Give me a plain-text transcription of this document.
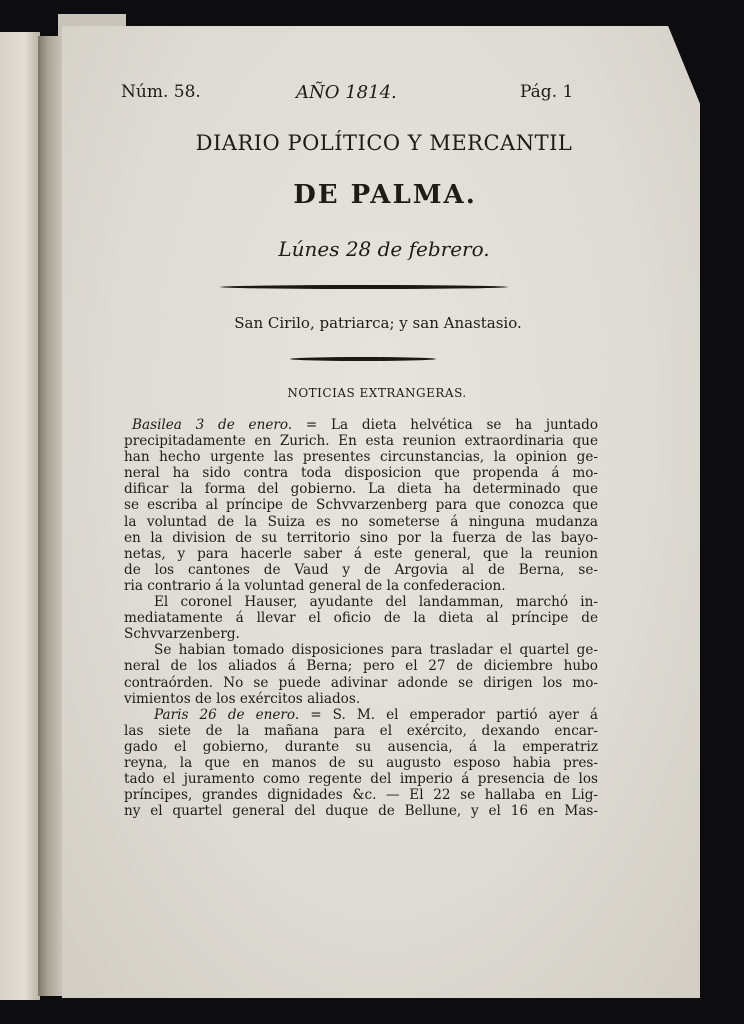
Núm. 58.	AÑO 1814.	Pág. 1
DIARIO POLÍTICO Y MERCANTIL
DE PALMA.
Lúnes 28 de febrero.
San Cirilo, patriarca; y san Anastasio.
NOTICIAS EXTRANGERAS.
Basilea 3 de enero. = La dieta helvética se ha juntado
precipitadamente en Zurich. En esta reunion extraordinaria que
han hecho urgente las presentes circunstancias, la opinion ge-
neral ha sido contra toda disposicion que propenda á mo-
dificar la forma del gobierno. La dieta ha determinado que
se escriba al príncipe de Schvvarzenberg para que conozca que
la voluntad de la Suiza es no someterse á ninguna mudanza
en la division de su territorio sino por la fuerza de las bayo-
netas, y para hacerle saber á este general, que la reunion
de los cantones de Vaud y de Argovia al de Berna, se-
ria contrario á la voluntad general de la confederacion.
El coronel Hauser, ayudante del landamman, marchó in-
mediatamente á llevar el oficio de la dieta al príncipe de
Schvvarzenberg.
Se habian tomado disposiciones para trasladar el quartel ge-
neral de los aliados á Berna; pero el 27 de diciembre hubo
contraórden. No se puede adivinar adonde se dirigen los mo-
vimientos de los exércitos aliados.
Paris 26 de enero. = S. M. el emperador partió ayer á
las siete de la mañana para el exército, dexando encar-
gado el gobierno, durante su ausencia, á la emperatriz
reyna, la que en manos de su augusto esposo habia pres-
tado el juramento como regente del imperio á presencia de los
príncipes, grandes dignidades &c. — El 22 se hallaba en Lig-
ny el quartel general del duque de Bellune, y el 16 en Mas-
